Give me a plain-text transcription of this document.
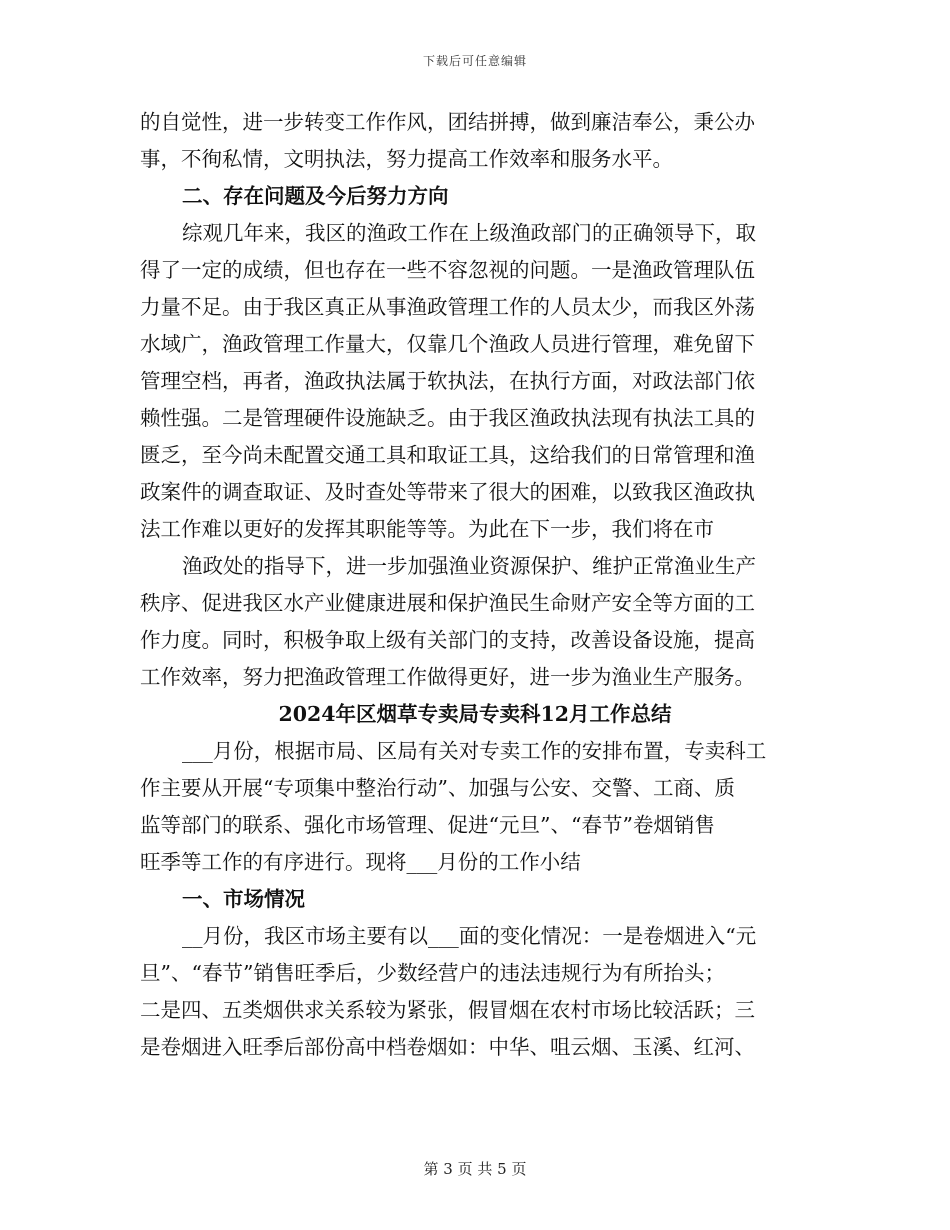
下载后可任意编辑
的自觉性，进一步转变工作作风，团结拼搏，做到廉洁奉公，秉公办
事，不徇私情，文明执法，努力提高工作效率和服务水平。
二、存在问题及今后努力方向
综观几年来，我区的渔政工作在上级渔政部门的正确领导下，取
得了一定的成绩，但也存在一些不容忽视的问题。一是渔政管理队伍
力量不足。由于我区真正从事渔政管理工作的人员太少，而我区外荡
水域广，渔政管理工作量大，仅靠几个渔政人员进行管理，难免留下
管理空档，再者，渔政执法属于软执法，在执行方面，对政法部门依
赖性强。二是管理硬件设施缺乏。由于我区渔政执法现有执法工具的
匮乏，至今尚未配置交通工具和取证工具，这给我们的日常管理和渔
政案件的调查取证、及时查处等带来了很大的困难，以致我区渔政执
法工作难以更好的发挥其职能等等。为此在下一步，我们将在市
渔政处的指导下，进一步加强渔业资源保护、维护正常渔业生产
秩序、促进我区水产业健康进展和保护渔民生命财产安全等方面的工
作力度。同时，积极争取上级有关部门的支持，改善设备设施，提高
工作效率，努力把渔政管理工作做得更好，进一步为渔业生产服务。
2024年区烟草专卖局专卖科12月工作总结
___月份，根据市局、区局有关对专卖工作的安排布置，专卖科工
作主要从开展“专项集中整治行动”、加强与公安、交警、工商、质
监等部门的联系、强化市场管理、促进“元旦”、“春节”卷烟销售
旺季等工作的有序进行。现将___月份的工作小结
一、市场情况
__月份，我区市场主要有以___面的变化情况：一是卷烟进入“元
旦”、“春节”销售旺季后，少数经营户的违法违规行为有所抬头；
二是四、五类烟供求关系较为紧张，假冒烟在农村市场比较活跃；三
是卷烟进入旺季后部份高中档卷烟如：中华、咀云烟、玉溪、红河、
第 3 页 共 5 页
